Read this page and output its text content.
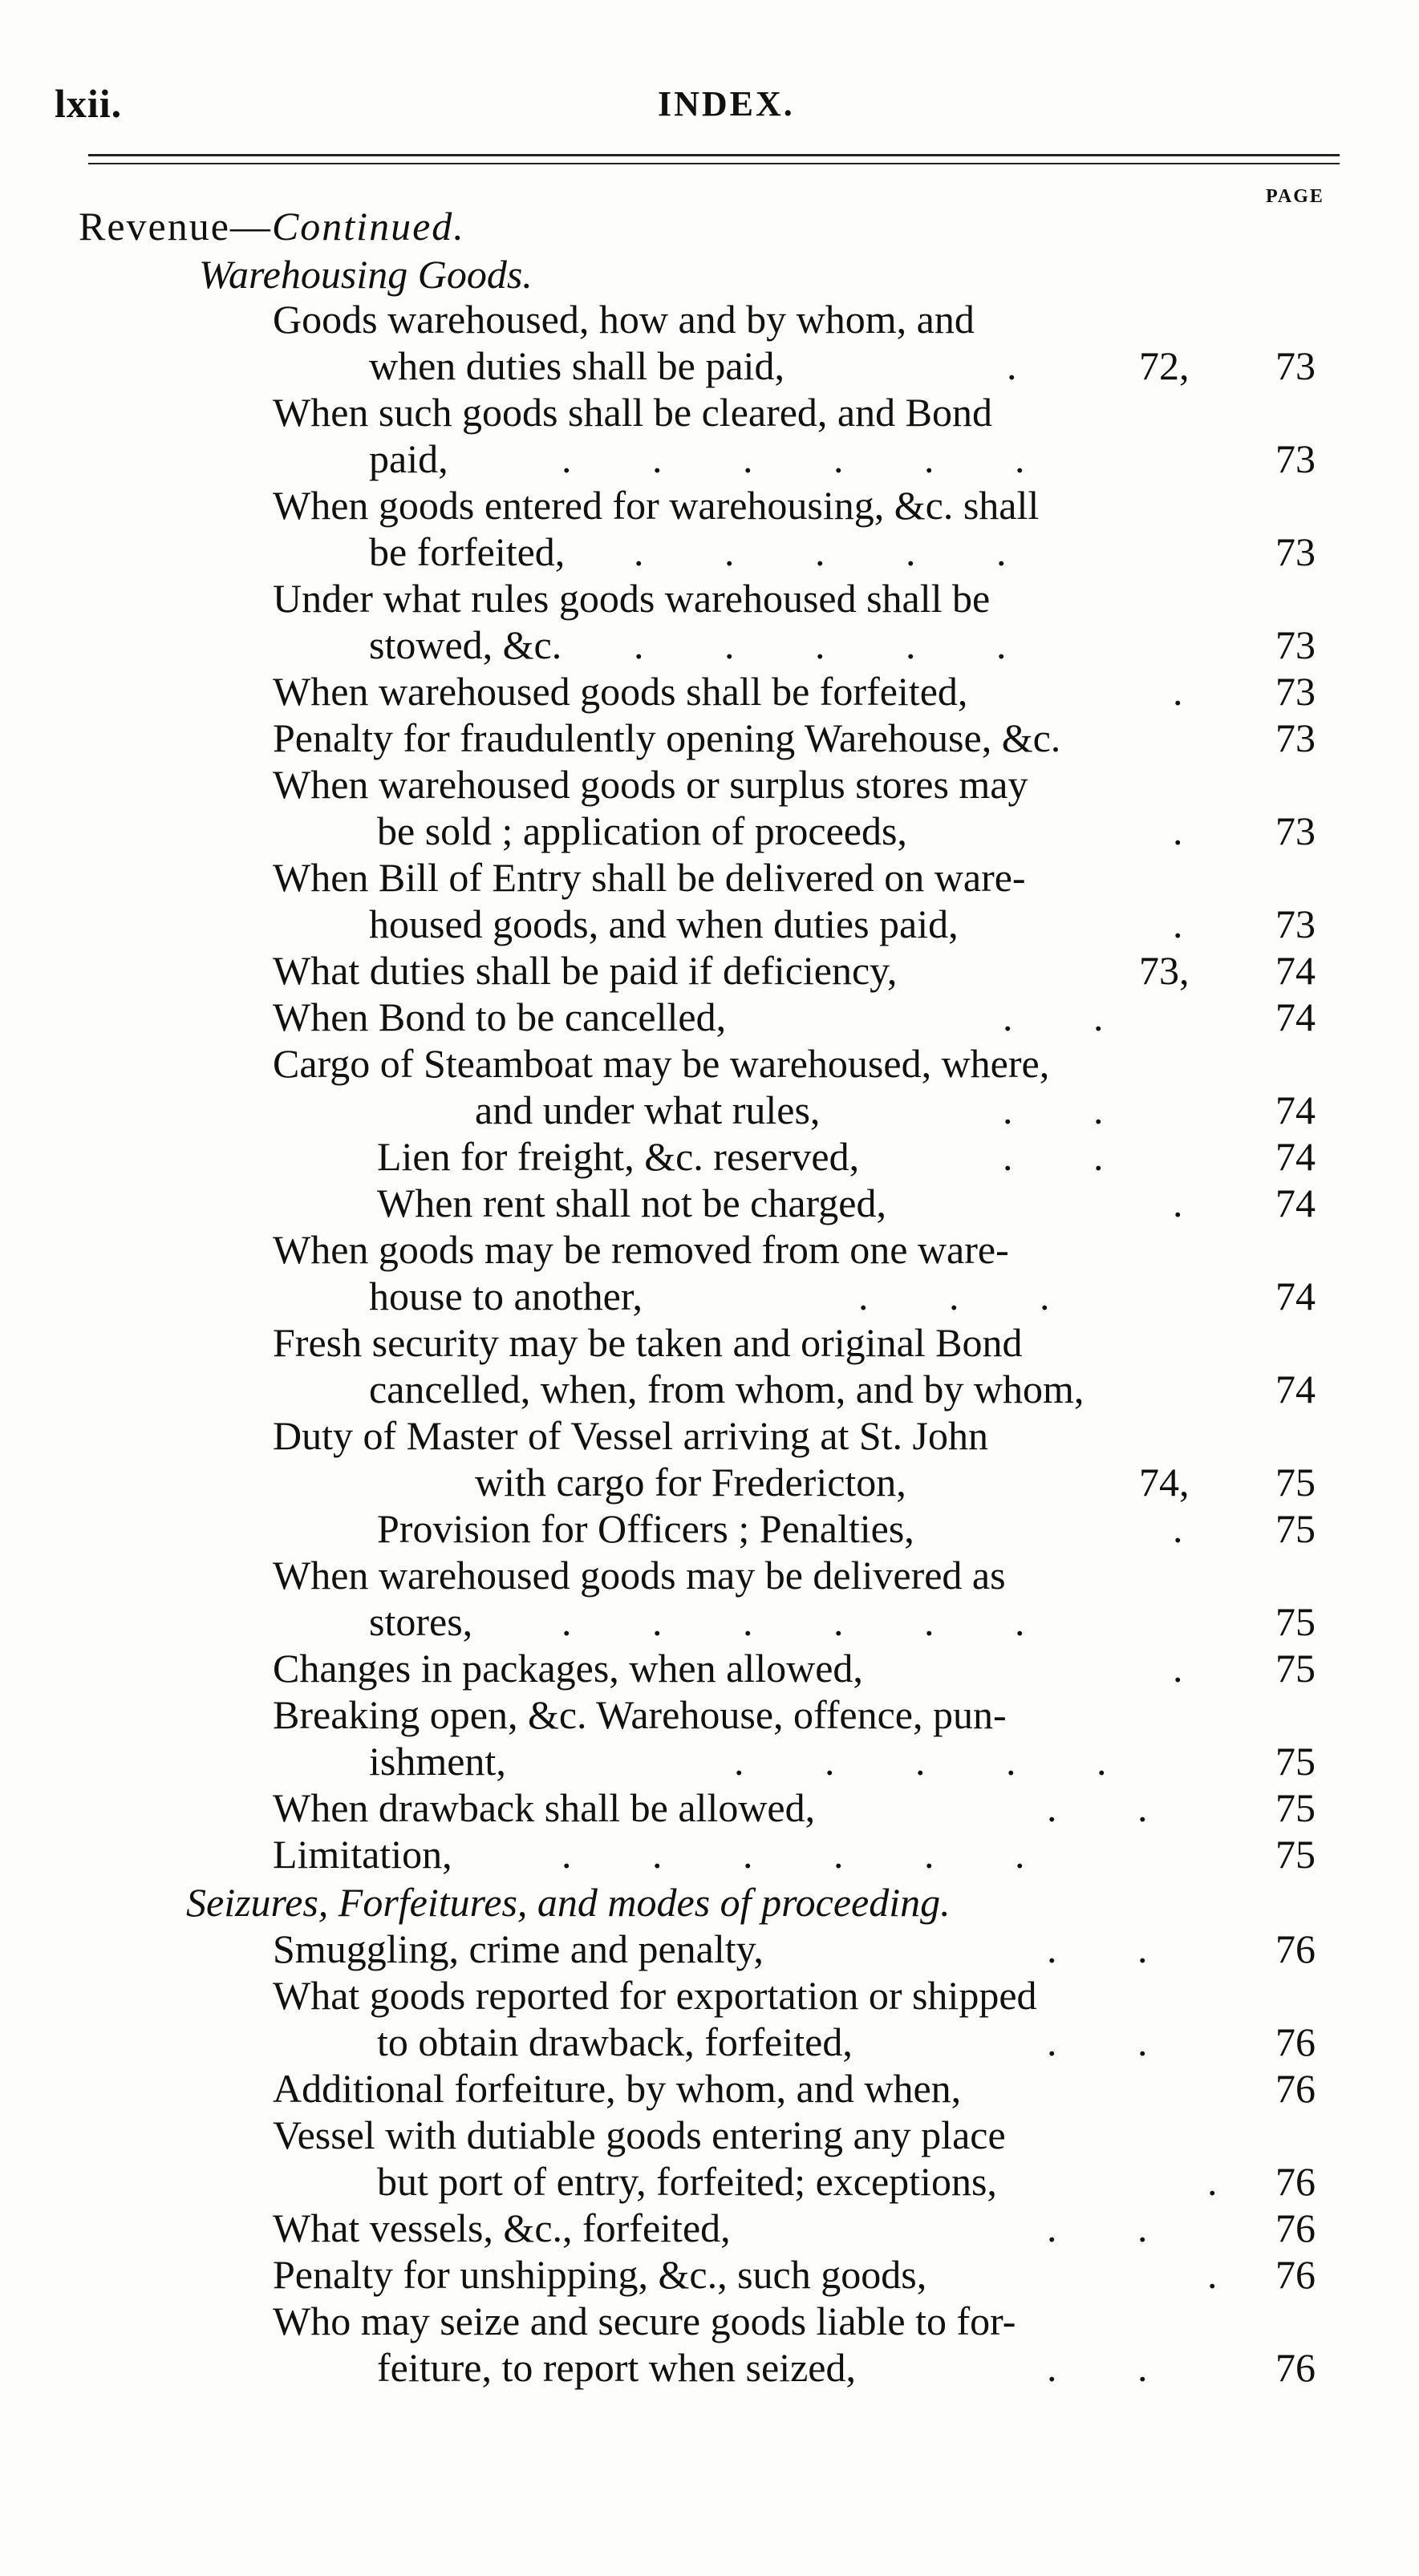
lxii.	INDEX.
PAGE
Revenue—Continued.
Warehousing Goods.
Goods warehoused, how and by whom, and
when duties shall be paid,	.	72, 73
When such goods shall be cleared, and Bond
paid,	. . . . . .	73
When goods entered for warehousing, &c. shall
be forfeited, . . . . .	73
Under what rules goods warehoused shall be
stowed, &c. . . . . .	73
When warehoused goods shall be forfeited,	. 73
Penalty for fraudulently opening Warehouse, &c.	73
When warehoused goods or surplus stores may
be sold ; application of proceeds,	. 73
When Bill of Entry shall be delivered on ware-
housed goods, and when duties paid,	. 73
What duties shall be paid if deficiency,	73, 74
When Bond to be cancelled,	. .	74
Cargo of Steamboat may be warehoused, where,
and under what rules,	. .	74
Lien for freight, &c. reserved,	. .	74
When rent shall not be charged,	. 74
When goods may be removed from one ware-
house to another,	. . .	74
Fresh security may be taken and original Bond
cancelled, when, from whom, and by whom,	74
Duty of Master of Vessel arriving at St. John
with cargo for Fredericton,	74, 75
Provision for Officers ; Penalties,	. 75
When warehoused goods may be delivered as
stores, . . . . . .	75
Changes in packages, when allowed,	. 75
Breaking open, &c. Warehouse, offence, pun-
ishment,	. . . . .	75
When drawback shall be allowed,	. . 75
Limitation,	. . . . . .	75
Seizures, Forfeitures, and modes of proceeding.
Smuggling, crime and penalty,	. . 76
What goods reported for exportation or shipped
to obtain drawback, forfeited,	. . 76
Additional forfeiture, by whom, and when,	76
Vessel with dutiable goods entering any place
but port of entry, forfeited; exceptions,	. 76
What vessels, &c., forfeited,	. . 76
Penalty for unshipping, &c., such goods,	. 76
Who may seize and secure goods liable to for-
feiture, to report when seized,	. . 76
